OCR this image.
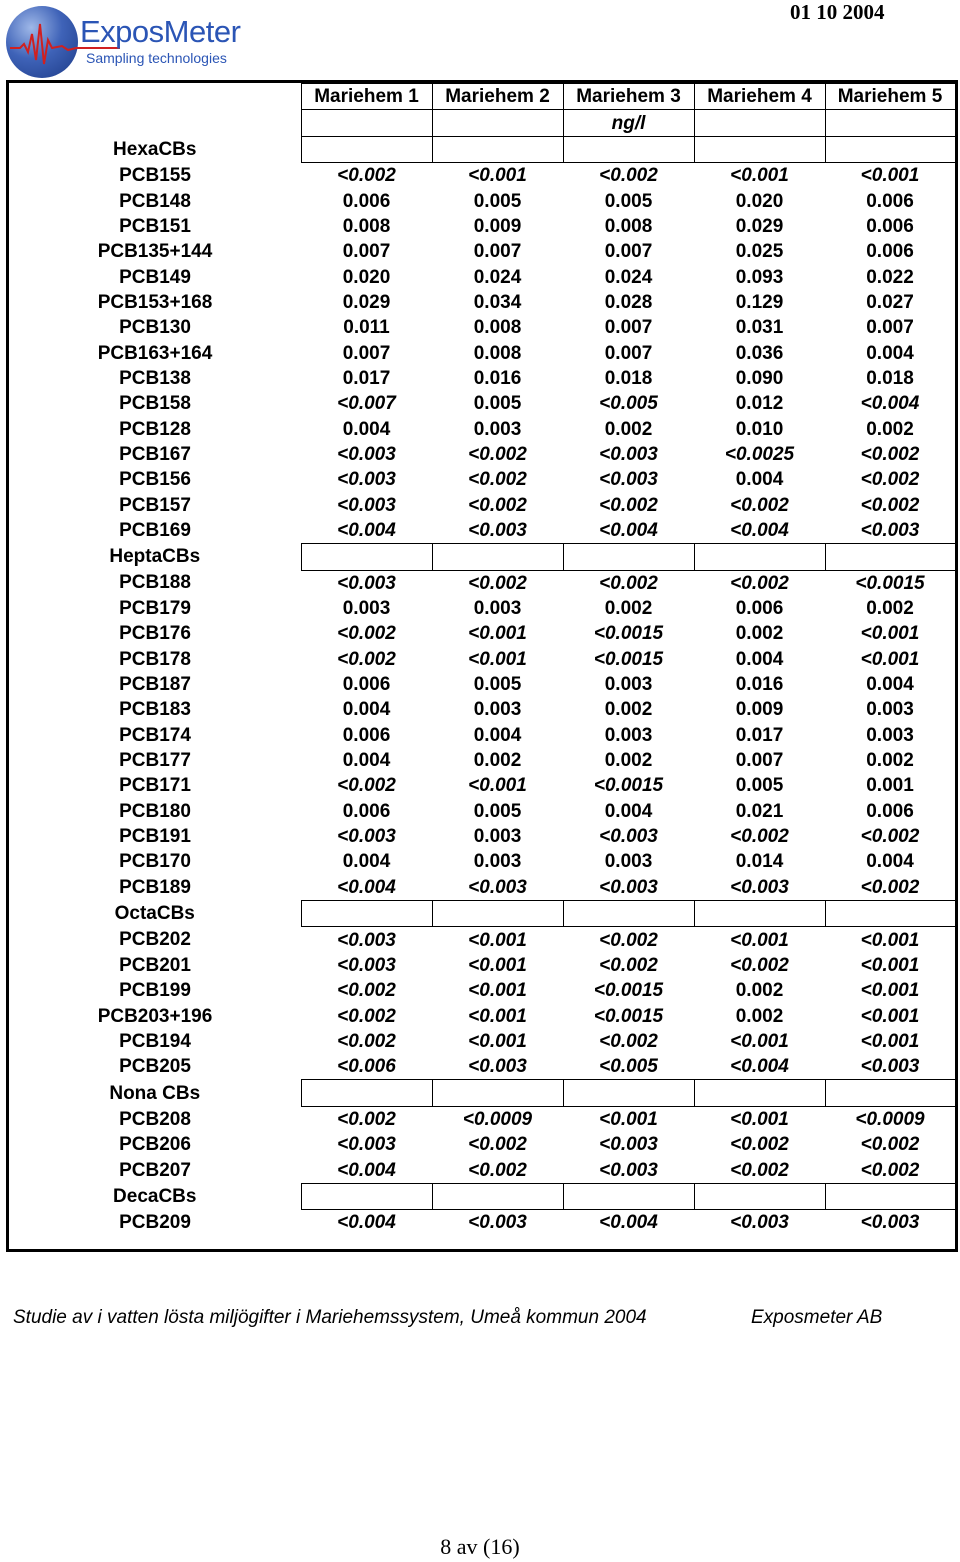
ExposMeter
Sampling technologies
01 10 2004
	Mariehem 1	Mariehem 2	Mariehem 3	Mariehem 4	Mariehem 5
			ng/l		
HexaCBs					
PCB155	<0.002	<0.001	<0.002	<0.001	<0.001
PCB148	0.006	0.005	0.005	0.020	0.006
PCB151	0.008	0.009	0.008	0.029	0.006
PCB135+144	0.007	0.007	0.007	0.025	0.006
PCB149	0.020	0.024	0.024	0.093	0.022
PCB153+168	0.029	0.034	0.028	0.129	0.027
PCB130	0.011	0.008	0.007	0.031	0.007
PCB163+164	0.007	0.008	0.007	0.036	0.004
PCB138	0.017	0.016	0.018	0.090	0.018
PCB158	<0.007	0.005	<0.005	0.012	<0.004
PCB128	0.004	0.003	0.002	0.010	0.002
PCB167	<0.003	<0.002	<0.003	<0.0025	<0.002
PCB156	<0.003	<0.002	<0.003	0.004	<0.002
PCB157	<0.003	<0.002	<0.002	<0.002	<0.002
PCB169	<0.004	<0.003	<0.004	<0.004	<0.003
HeptaCBs					
PCB188	<0.003	<0.002	<0.002	<0.002	<0.0015
PCB179	0.003	0.003	0.002	0.006	0.002
PCB176	<0.002	<0.001	<0.0015	0.002	<0.001
PCB178	<0.002	<0.001	<0.0015	0.004	<0.001
PCB187	0.006	0.005	0.003	0.016	0.004
PCB183	0.004	0.003	0.002	0.009	0.003
PCB174	0.006	0.004	0.003	0.017	0.003
PCB177	0.004	0.002	0.002	0.007	0.002
PCB171	<0.002	<0.001	<0.0015	0.005	0.001
PCB180	0.006	0.005	0.004	0.021	0.006
PCB191	<0.003	0.003	<0.003	<0.002	<0.002
PCB170	0.004	0.003	0.003	0.014	0.004
PCB189	<0.004	<0.003	<0.003	<0.003	<0.002
OctaCBs					
PCB202	<0.003	<0.001	<0.002	<0.001	<0.001
PCB201	<0.003	<0.001	<0.002	<0.002	<0.001
PCB199	<0.002	<0.001	<0.0015	0.002	<0.001
PCB203+196	<0.002	<0.001	<0.0015	0.002	<0.001
PCB194	<0.002	<0.001	<0.002	<0.001	<0.001
PCB205	<0.006	<0.003	<0.005	<0.004	<0.003
Nona CBs					
PCB208	<0.002	<0.0009	<0.001	<0.001	<0.0009
PCB206	<0.003	<0.002	<0.003	<0.002	<0.002
PCB207	<0.004	<0.002	<0.003	<0.002	<0.002
DecaCBs					
PCB209	<0.004	<0.003	<0.004	<0.003	<0.003
Studie av i vatten lösta miljögifter i Mariehemssystem, Umeå kommun 2004	Exposmeter AB
8 av (16)
